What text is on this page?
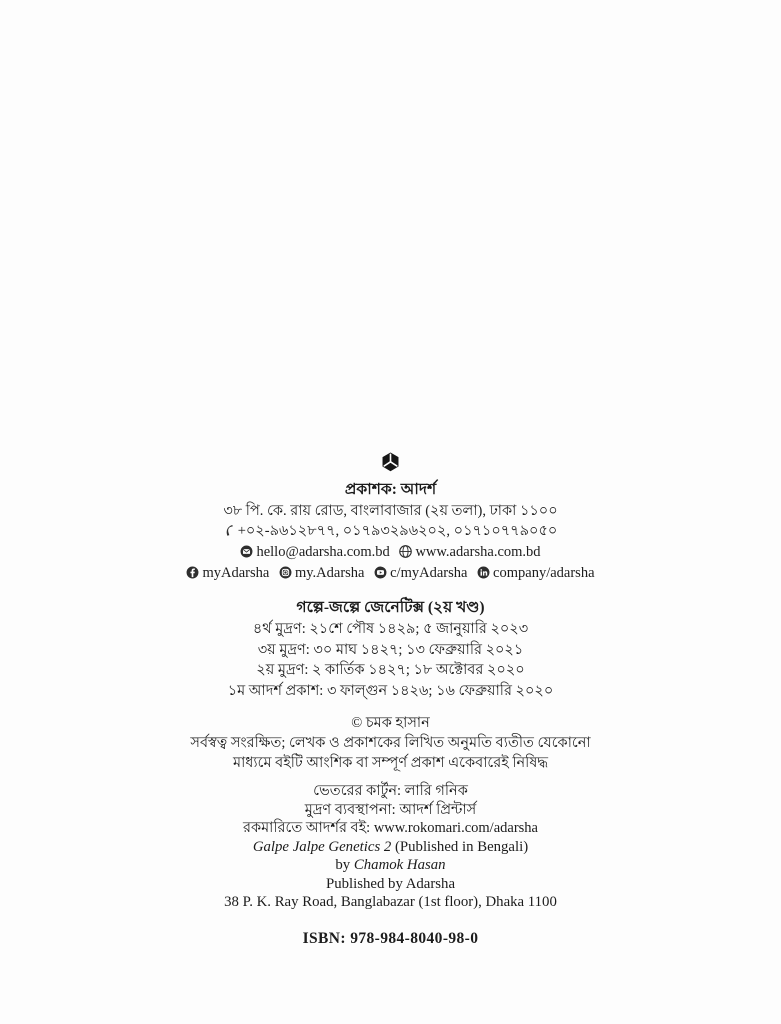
প্রকাশক: আদর্শ
৩৮ পি. কে. রায় রোড, বাংলাবাজার (২য় তলা), ঢাকা ১১০০
+০২-৯৬১২৮৭৭, ০১৭৯৩২৯৬২০২, ০১৭১০৭৭৯০৫০
hello@adarsha.com.bd www.adarsha.com.bd
myAdarsha my.Adarsha c/myAdarsha company/adarsha
গল্পে-জল্পে জেনেটিক্স (২য় খণ্ড)
৪র্থ মুদ্রণ: ২১শে পৌষ ১৪২৯; ৫ জানুয়ারি ২০২৩
৩য় মুদ্রণ: ৩০ মাঘ ১৪২৭; ১৩ ফেব্রুয়ারি ২০২১
২য় মুদ্রণ: ২ কার্তিক ১৪২৭; ১৮ অক্টোবর ২০২০
১ম আদর্শ প্রকাশ: ৩ ফাল্গুন ১৪২৬; ১৬ ফেব্রুয়ারি ২০২০
© চমক হাসান
সর্বস্বত্ব সংরক্ষিত; লেখক ও প্রকাশকের লিখিত অনুমতি ব্যতীত যেকোনো
মাধ্যমে বইটি আংশিক বা সম্পূর্ণ প্রকাশ একেবারেই নিষিদ্ধ
ভেতরের কার্টুন: লারি গনিক
মুদ্রণ ব্যবস্থাপনা: আদর্শ প্রিন্টার্স
রকমারিতে আদর্শর বই: www.rokomari.com/adarsha
Galpe Jalpe Genetics 2 (Published in Bengali)
by Chamok Hasan
Published by Adarsha
38 P. K. Ray Road, Banglabazar (1st floor), Dhaka 1100
ISBN: 978-984-8040-98-0
